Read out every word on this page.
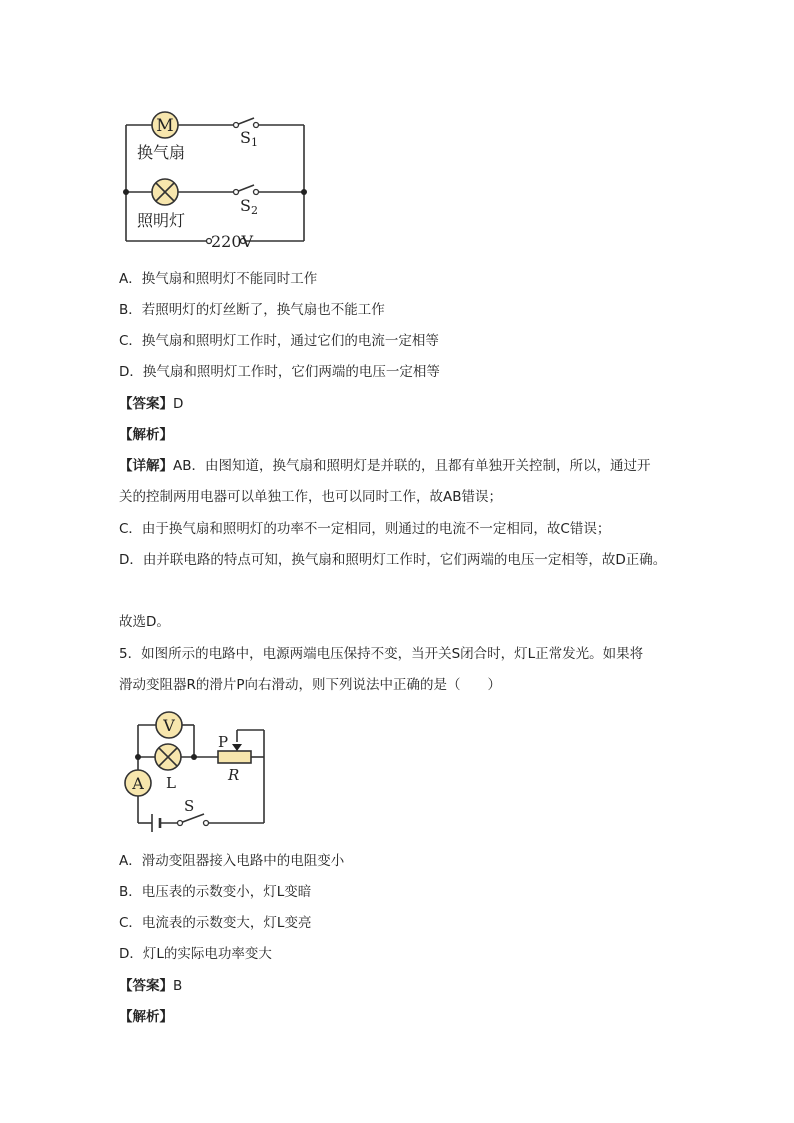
M
换气扇
照明灯
S1
S2
220V
A．换气扇和照明灯不能同时工作
B．若照明灯的灯丝断了，换气扇也不能工作
C．换气扇和照明灯工作时，通过它们的电流一定相等
D．换气扇和照明灯工作时，它们两端的电压一定相等
【答案】D
【解析】
【详解】AB．由图知道，换气扇和照明灯是并联的，且都有单独开关控制，所以，通过开
关的控制两用电器可以单独工作，也可以同时工作，故AB错误；
C．由于换气扇和照明灯的功率不一定相同，则通过的电流不一定相同，故C错误；
D．由并联电路的特点可知，换气扇和照明灯工作时，它们两端的电压一定相等，故D正确。
故选D。
5．如图所示的电路中，电源两端电压保持不变，当开关S闭合时，灯L正常发光。如果将
滑动变阻器R的滑片P向右滑动，则下列说法中正确的是（　　）
V
A
P
R
L
S
A．滑动变阻器接入电路中的电阻变小
B．电压表的示数变小，灯L变暗
C．电流表的示数变大，灯L变亮
D．灯L的实际电功率变大
【答案】B
【解析】
